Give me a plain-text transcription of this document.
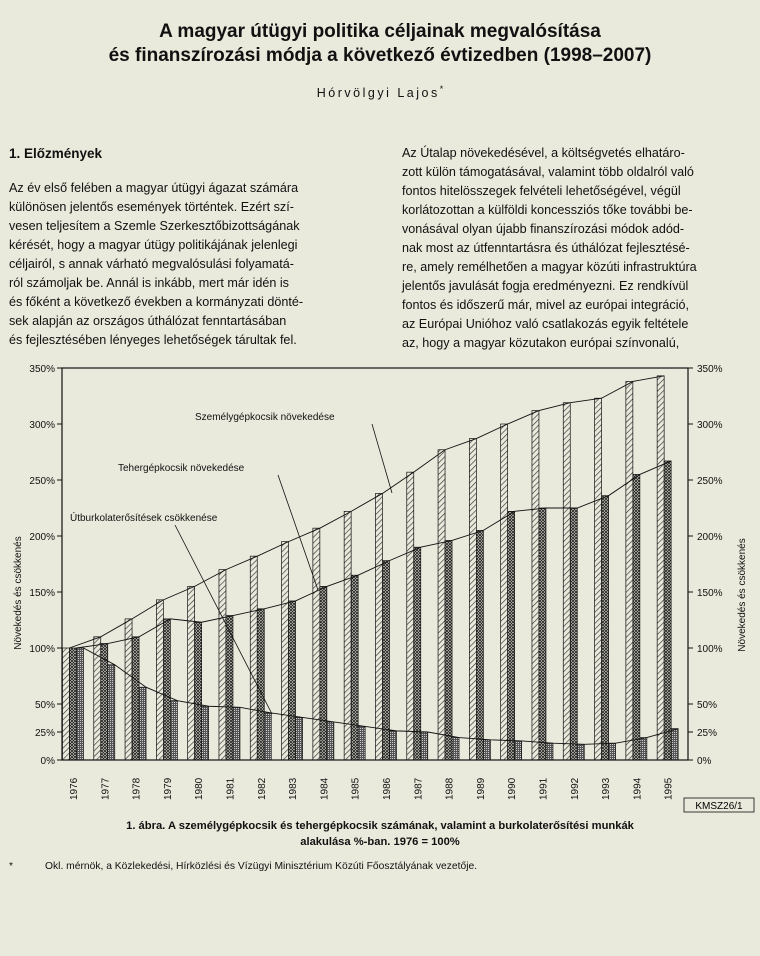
A magyar útügyi politika céljainak megvalósítása
és finanszírozási módja a következő évtizedben (1998–2007)
Hórvölgyi Lajos*
1. Előzmények
Az év első felében a magyar útügyi ágazat számára
különösen jelentős események történtek. Ezért szí-
vesen teljesítem a Szemle Szerkesztőbizottságának
kérését, hogy a magyar útügy politikájának jelenlegi
céljairól, s annak várható megvalósulási folyamatá-
ról számoljak be. Annál is inkább, mert már idén is
és főként a következő években a kormányzati dönté-
sek alapján az országos úthálózat fenntartásában
és fejlesztésében lényeges lehetőségek tárultak fel.
Az Útalap növekedésével, a költségvetés elhatáro-
zott külön támogatásával, valamint több oldalról való
fontos hitelösszegek felvételi lehetőségével, végül
korlátozottan a külföldi koncessziós tőke további be-
vonásával olyan újabb finanszírozási módok adód-
nak most az útfenntartásra és úthálózat fejlesztésé-
re, amely remélhetően a magyar közúti infrastruktúra
jelentős javulását fogja eredményezni. Ez rendkívül
fontos és időszerű már, mivel az európai integráció,
az Európai Unióhoz való csatlakozás egyik feltétele
az, hogy a magyar közutakon európai színvonalú,
0%	0%
25%	25%
50%	50%
100%	100%
150%	150%
200%	200%
250%	250%
300%	300%
350%	350%
1976 1977 1978 1979 1980 1981 1982 1983 1984 1985 1986 1987 1988 1989 1990 1991 1992 1993 1994 1995
Növekedés és csökkenés	Növekedés és csökkenés
Személygépkocsik növekedése
Tehergépkocsik növekedése
Útburkolaterősítések csökkenése
KMSZ26/1
1. ábra. A személygépkocsik és tehergépkocsik számának, valamint a burkolaterősítési munkák
alakulása %-ban. 1976 = 100%
*	Okl. mérnök, a Közlekedési, Hírközlési és Vízügyi Minisztérium Közúti Főosztályának vezetője.
